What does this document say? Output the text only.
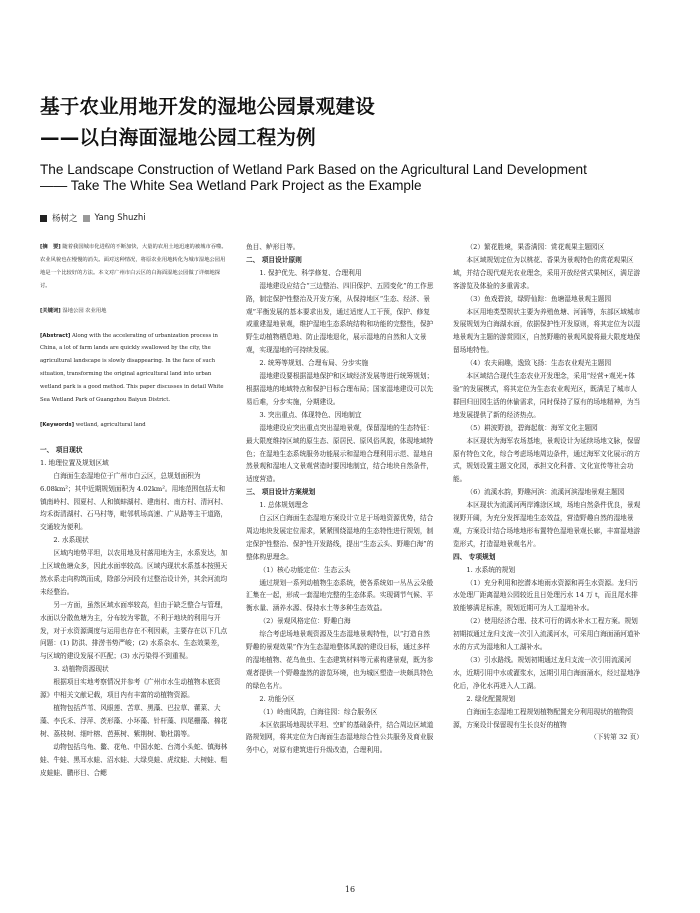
基于农业用地开发的湿地公园景观建设
——以白海面湿地公园工程为例
The Landscape Construction of Wetland Park Based on the Agricultural Land Development
—— Take The White Sea Wetland Park Project as the Example
杨树之 Yang Shuzhi

[摘　要] 随着我国城市化进程的不断加快，大量的农用土地迅速的被城市吞噬。农业风貌也在慢慢的消失。面对这种情况，将原农业用地转化为城市湿地公园用地是一个比较好的方法。本文对广州市白云区的白海面湿地公园做了详细地探讨。

[关键词] 湿地公园 农业用地

[Abstract] Along with the accelerating of urbanization process in China, a lot of farm lands are quickly swallowed by the city, the agricultural landscape is slowly disappearing. In the face of such situation, transforming the original agricultural land into urban wetland park is a good method. This paper discusses in detail White Sea Wetland Park of Guangzhou Baiyun District.

[Keywords] wetland, agricultural land

一、 项目现状

1. 地理位置及规划区域

白海面生态湿地位于广州市白云区，总规划面积为 6.08km²；其中近期规划面积为 4.02km²。用地范围包括太和镇南岭村、园夏村、人和镇蚌湖村、建南村、南方村、清河村、均禾街清湖村、石马村等，毗邻机场高速、广从路等主干道路，交通较为便利。

2. 水系现状

区域内地势平坦，以农用地及村落用地为主，水系发达，加上区域鱼塘众多，因此水面率较高。区域内现状水系基本按照天然水系走向构筑而成，除部分河段有过整治设计外，其余河流均未经整治。

另一方面，虽然区域水面率较高，但由于缺乏整合与管理，水面以分散鱼塘为主，分布较为零散，不利于地块的利用与开发，对于水资源调度与运用也存在不利因素，主要存在以下几点问题：(1) 防洪、排涝书势严峻；(2) 水系杂水、生态效果差，与区域的建设发展不匹配；(3) 水污染得不到重视。

3. 动植物资源现状

根据项目实地考察情况并参考《广州市水生动植物本底资源》中相关文献记载，项目内有丰富的动植物资源。

植物包括芦苇、风眼莲、苦草、黑藻、巴拉草、藿菜、大藻、李氏禾、浮萍、茨形藻、小环藻、针杆藻、四尾栅藻、棉花树、荔枝树、细叶榕、芭蕉树、紫荆树、勒杜鹃等。

动物包括乌龟、鳖、花龟、中国水蛇、台湾小头蛇、镇海林蛙、牛蛙、黑耳水蛙、沼水蛙、大绿臭蛙、虎纹蛙、大树蛙、粗皮蛙蛙、鹏形目、合鳃

鱼目、鲈形目等。

二、 项目设计原则

1. 保护优先、科学修复、合理利用

湿地建设应结合“三边整治、四旧保护、五园变化”的工作思路，制定保护性整治及开发方案，从保持地区“生态、经济、景观”平衡发展的基本要求出发，通过适度人工干预，保护、修复或重建湿地景观，维护湿地生态系统结构和功能的完整性，保护野生动植物栖息地、防止湿地退化，展示湿地的自然和人文景观，实现湿地的可持续发展。

2. 统筹等规划、合理布局、分步实施

湿地建设要根据湿地保护和区域经济发展等进行统筹规划；根据湿地的地域特点和保护目标合理布局；国家湿地建设可以先易后难，分步实施，分期建设。

3. 突出重点、体现特色、因地制宜

湿地建设应突出重点突出湿地景观，保留湿地的生态特征：最大限度维持区域的原生态、原居民、原风俗风貌，体现地域特色；在湿地生态系统服务功能展示和湿地合理利用示范、湿地自然景观和湿地人文景观营造时要因地制宜，结合地块自然条件，适度营造。

三、 项目设计方案规划

1. 总体规划理念

白云区白海面生态湿地方案设计立足于场地资源优势，结合周边地块发展定位需求，紧紧围绕湿地的生态特性进行规划，制定保护性整治、保护性开发路线，提出“生态云头、野趣白海”的整体构思理念。

（1）核心功能定位：生态云头

通过规划一系列动植物生态系统，使各系统如一丛丛云朵般汇集在一起，形成一套湿地完整的生态体系。实现调节气候、平衡水量、涵养水源、保持水土等多种生态效益。

（2）景观风格定位：野趣白海

综合考虑场地景观资源及生态湿地景观特性，以“打造自然野趣的景观效果”作为生态湿地整体风貌的建设目标，通过多样的湿地植物、花鸟鱼虫、生态建筑材料等元素构建景观，既为参观者提供一个野趣盎然的游览环境，也为城区塑造一块颇具特色的绿色名片。

2. 功能分区

（1）岭南风韵，白海往园：综合服务区

本区依据场地现状平坦、空旷的基础条件，结合周边区域道路规划网，将其定位为白海面生态湿地综合性公共服务及商业服务中心，对原有建筑进行升级改造，合理利用。

（2）繁花胜境，果香满园：赏花观果主题园区

本区域规划定位为以桃花、香果为景观特色的赏花观果区域，并结合现代观光农业理念，采用开放经营式果树区，满足游客游览及体验的多重需求。

（3）鱼戏碧波，绿野仙踪：鱼塘湿地景观主题园

本区用地类型规状主要为养殖鱼塘、河涌等，东部区域城市发展规划为白海湖水面，依据保护性开发原则，将其定位为以湿地景观为主题的游赏园区，自然野趣的景观风貌将最大限度地保留场地特性。

（4）农夫闹趣，逸致飞扬：生态农业观光主题园

本区域结合现代生态农业开发理念，采用“经营+观光+体验”的发展模式，将其定位为生态农业观光区，既满足了城市人群回归田园生活的休偷需求，同时保持了原有的场地精神，为当地发展提供了新的经济热点。

（5）耕波野浪，碧海起航：海军文化主题园

本区现状为海军农场基地，景观设计为延续场地文脉，保留原有特色文化，综合考虑场地周边条件，通过海军文化展示的方式，规划设置主题文化园，承担文化科普、文化宣传等社会功能。

（6）流溪水韵，野趣河滨：流溪河滨湿地景观主题园

本区现状为流溪河两岸滩涂区域，场地自然条件优良，景观视野开阔，为充分发挥湿地生态效益，营造野趣自然的湿地景观，方案设计结合场地地形布置特色湿地景观长廊，丰富湿地游览形式，打造湿地景观名片。

四、 专项规划

1. 水系统的规划

（1）充分利用和挖潜本地雨水资源和再生水资源。龙归污水处理厂距离湿地公园较近且日处理污水 14 万 t，而且尾水排放能够满足标准，规划近期可为人工湿地补水。

（2）使用经济合理、技术可行的调水补水工程方案。规划初期拟通过龙归支流一次引入流溪河水，可采用白海面涌河道补水的方式为湿地和人工湖补水。

（3）引水路线。规划初期通过龙归支流一次引用流溪河水，近期引用中水或灌浆水，远期引用白海面涌水，经过湿地净化后，净化水再进入人工湖。

2. 绿化配置规划

白海面生态湿地工程规划植物配置充分利用现状的植物资源，方案设计保留现有生长良好的植物

（下转第 32 页）

16
